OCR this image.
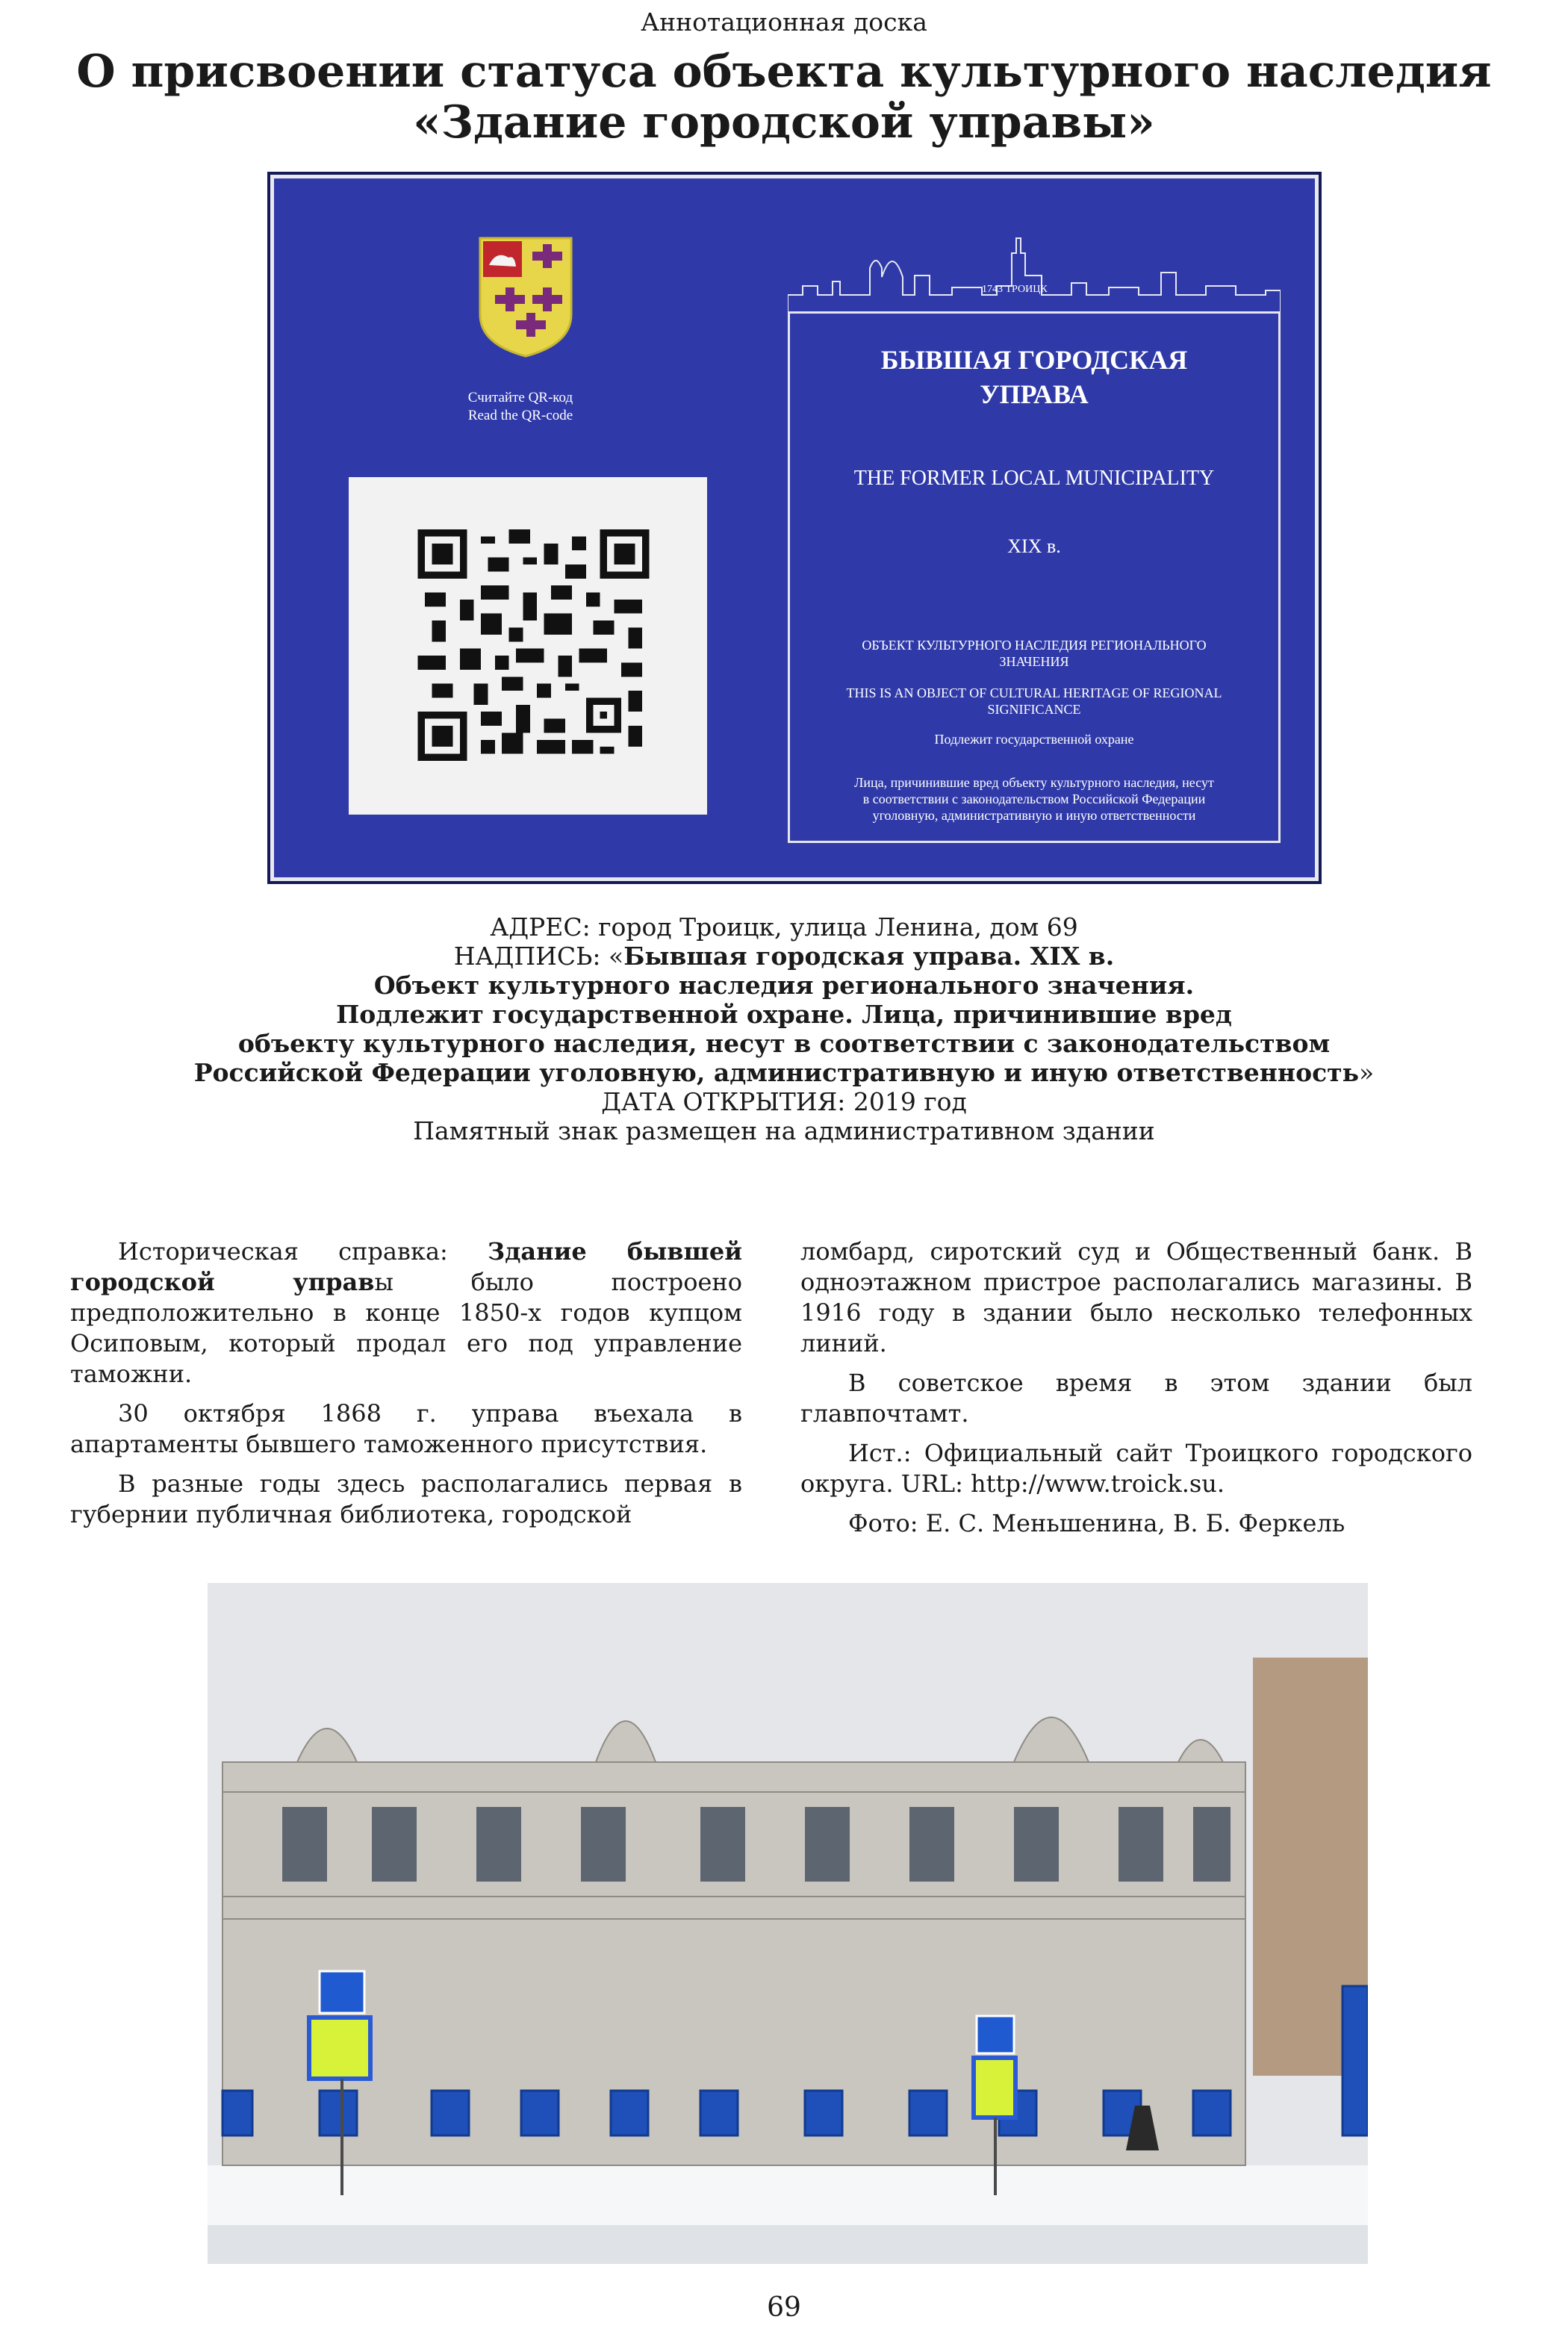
Аннотационная доска
О присвоении статуса объекта культурного наследия
«Здание городской управы»
Считайте QR-код
Read the QR-code
1743 ТРОИЦК
БЫВШАЯ ГОРОДСКАЯ
УПРАВА
THE FORMER LOCAL MUNICIPALITY
XIX в.
ОБЪЕКТ КУЛЬТУРНОГО НАСЛЕДИЯ РЕГИОНАЛЬНОГО
ЗНАЧЕНИЯ
THIS IS AN OBJECT OF CULTURAL HERITAGE OF REGIONAL
SIGNIFICANCE
Подлежит государственной охране
Лица, причинившие вред объекту культурного наследия, несут
в соответствии с законодательством Российской Федерации
уголовную, административную и иную ответственности
АДРЕС: город Троицк, улица Ленина, дом 69
НАДПИСЬ: «Бывшая городская управа. XIX в.
Объект культурного наследия регионального значения.
Подлежит государственной охране. Лица, причинившие вред
объекту культурного наследия, несут в соответствии с законодательством
Российской Федерации уголовную, административную и иную ответственность»
ДАТА ОТКРЫТИЯ: 2019 год
Памятный знак размещен на административном здании

Историческая справка: Здание бывшей городской управы было построено предположительно в конце 1850-х годов купцом Осиповым, который продал его под управление таможни.

30 октября 1868 г. управа въехала в апартаменты бывшего таможенного присутствия.

В разные годы здесь располагались первая в губернии публичная библиотека, городской

ломбард, сиротский суд и Общественный банк. В одноэтажном пристрое располагались магазины. В 1916 году в здании было несколько телефонных линий.

В советское время в этом здании был главпочтамт.

Ист.: Официальный сайт Троицкого городского округа. URL: http://www.troick.su.

Фото: Е. С. Меньшенина, В. Б. Феркель

69
